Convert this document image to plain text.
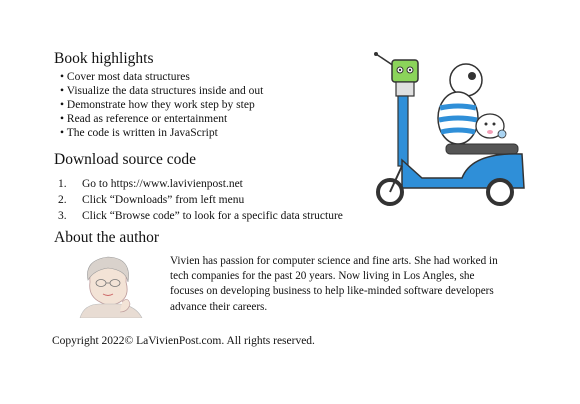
Book highlights
• Cover most data structures
• Visualize the data structures inside and out
• Demonstrate how they work step by step
• Read as reference or entertainment
• The code is written in JavaScript
Download source code
1.	Go to https://www.lavivienpost.net
2.	Click “Downloads” from left menu
3.	Click “Browse code” to look for a specific data structure
About the author
Vivien has passion for computer science and fine arts. She had worked in tech companies for the past 20 years. Now living in Los Angles, she focuses on developing business to help like-minded software developers advance their careers.
Copyright 2022© LaVivienPost.com. All rights reserved.
